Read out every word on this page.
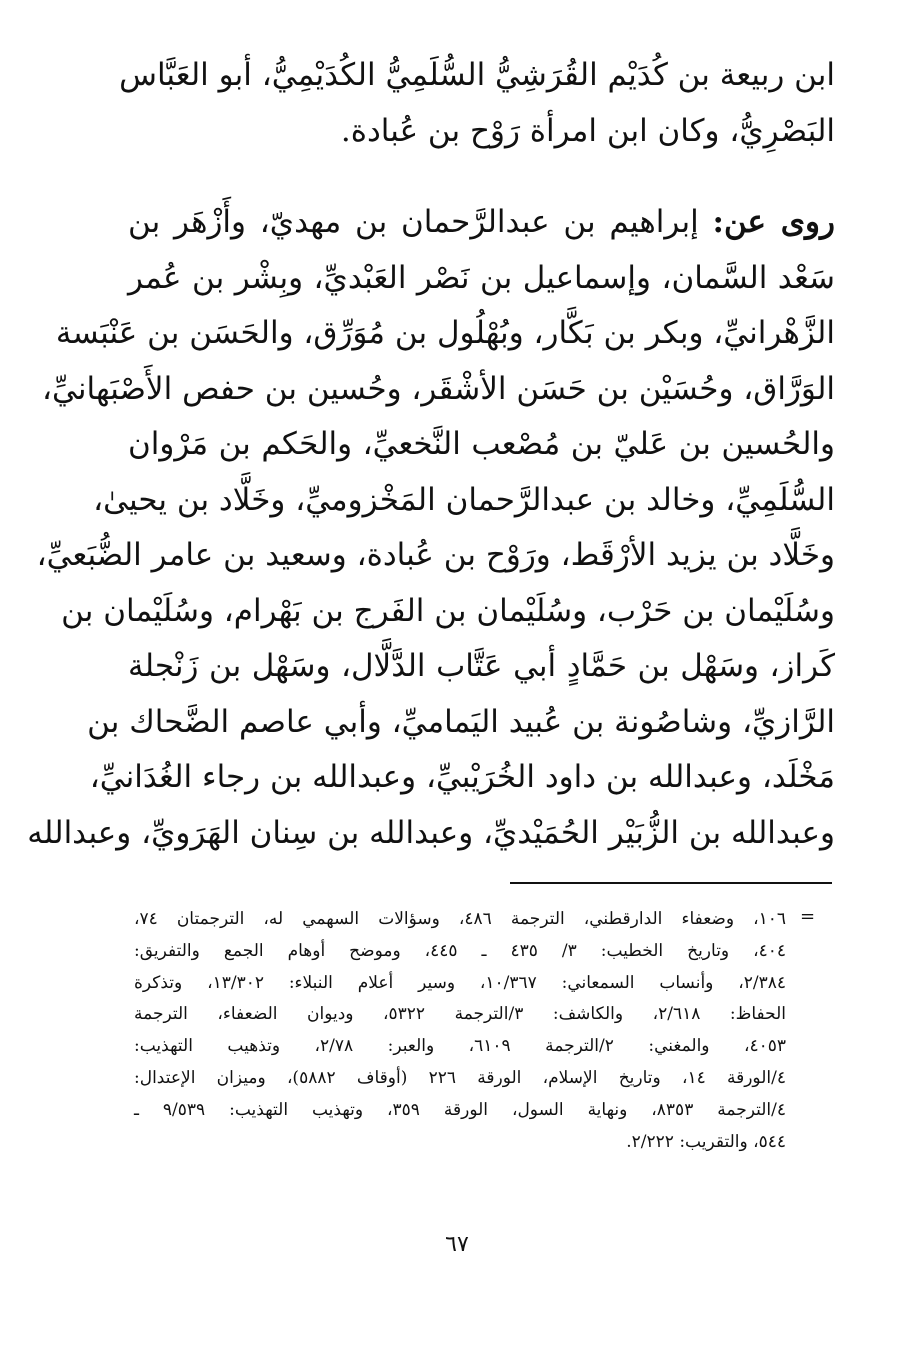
ابن ربيعة بن كُدَيْم القُرَشِيُّ السُّلَمِيُّ الكُدَيْمِيُّ، أبو العَبَّاس
البَصْرِيُّ، وكان ابن امرأة رَوْح بن عُبادة.
روى عن: إبراهيم بن عبدالرَّحمان بن مهديّ، وأَزْهَر بن
سَعْد السَّمان، وإسماعيل بن نَصْر العَبْديِّ، وبِشْر بن عُمر
الزَّهْرانيِّ، وبكر بن بَكَّار، وبُهْلُول بن مُوَرِّق، والحَسَن بن عَنْبَسة
الوَرَّاق، وحُسَيْن بن حَسَن الأشْقَر، وحُسين بن حفص الأَصْبَهانيِّ،
والحُسين بن عَليّ بن مُصْعب النَّخعيِّ، والحَكم بن مَرْوان
السُّلَمِيِّ، وخالد بن عبدالرَّحمان المَخْزوميِّ، وخَلَّاد بن يحيىٰ،
وخَلَّاد بن يزيد الأرْقَط، ورَوْح بن عُبادة، وسعيد بن عامر الضُّبَعيِّ،
وسُلَيْمان بن حَرْب، وسُلَيْمان بن الفَرج بن بَهْرام، وسُلَيْمان بن
كَراز، وسَهْل بن حَمَّادٍ أبي عَتَّاب الدَّلَّال، وسَهْل بن زَنْجلة
الرَّازيِّ، وشاصُونة بن عُبيد اليَماميِّ، وأبي عاصم الضَّحاك بن
مَخْلَد، وعبدالله بن داود الخُرَيْبيِّ، وعبدالله بن رجاء الغُدَانيِّ،
وعبدالله بن الزُّبَيْر الحُمَيْديِّ، وعبدالله بن سِنان الهَرَويِّ، وعبدالله
=
١٠٦، وضعفاء الدارقطني، الترجمة ٤٨٦، وسؤالات السهمي له، الترجمتان ٧٤،
٤٠٤، وتاريخ الخطيب: ٣/ ٤٣٥ ـ ٤٤٥، وموضح أوهام الجمع والتفريق:
٢/٣٨٤، وأنساب السمعاني: ١٠/٣٦٧، وسير أعلام النبلاء: ١٣/٣٠٢، وتذكرة
الحفاظ: ٢/٦١٨، والكاشف: ٣/الترجمة ٥٣٢٢، وديوان الضعفاء، الترجمة
٤٠٥٣، والمغني: ٢/الترجمة ٦١٠٩، والعبر: ٢/٧٨، وتذهيب التهذيب:
٤/الورقة ١٤، وتاريخ الإسلام، الورقة ٢٢٦ (أوقاف ٥٨٨٢)، وميزان الإعتدال:
٤/الترجمة ٨٣٥٣، ونهاية السول، الورقة ٣٥٩، وتهذيب التهذيب: ٩/٥٣٩ ـ
٥٤٤، والتقريب: ٢/٢٢٢.
٦٧
